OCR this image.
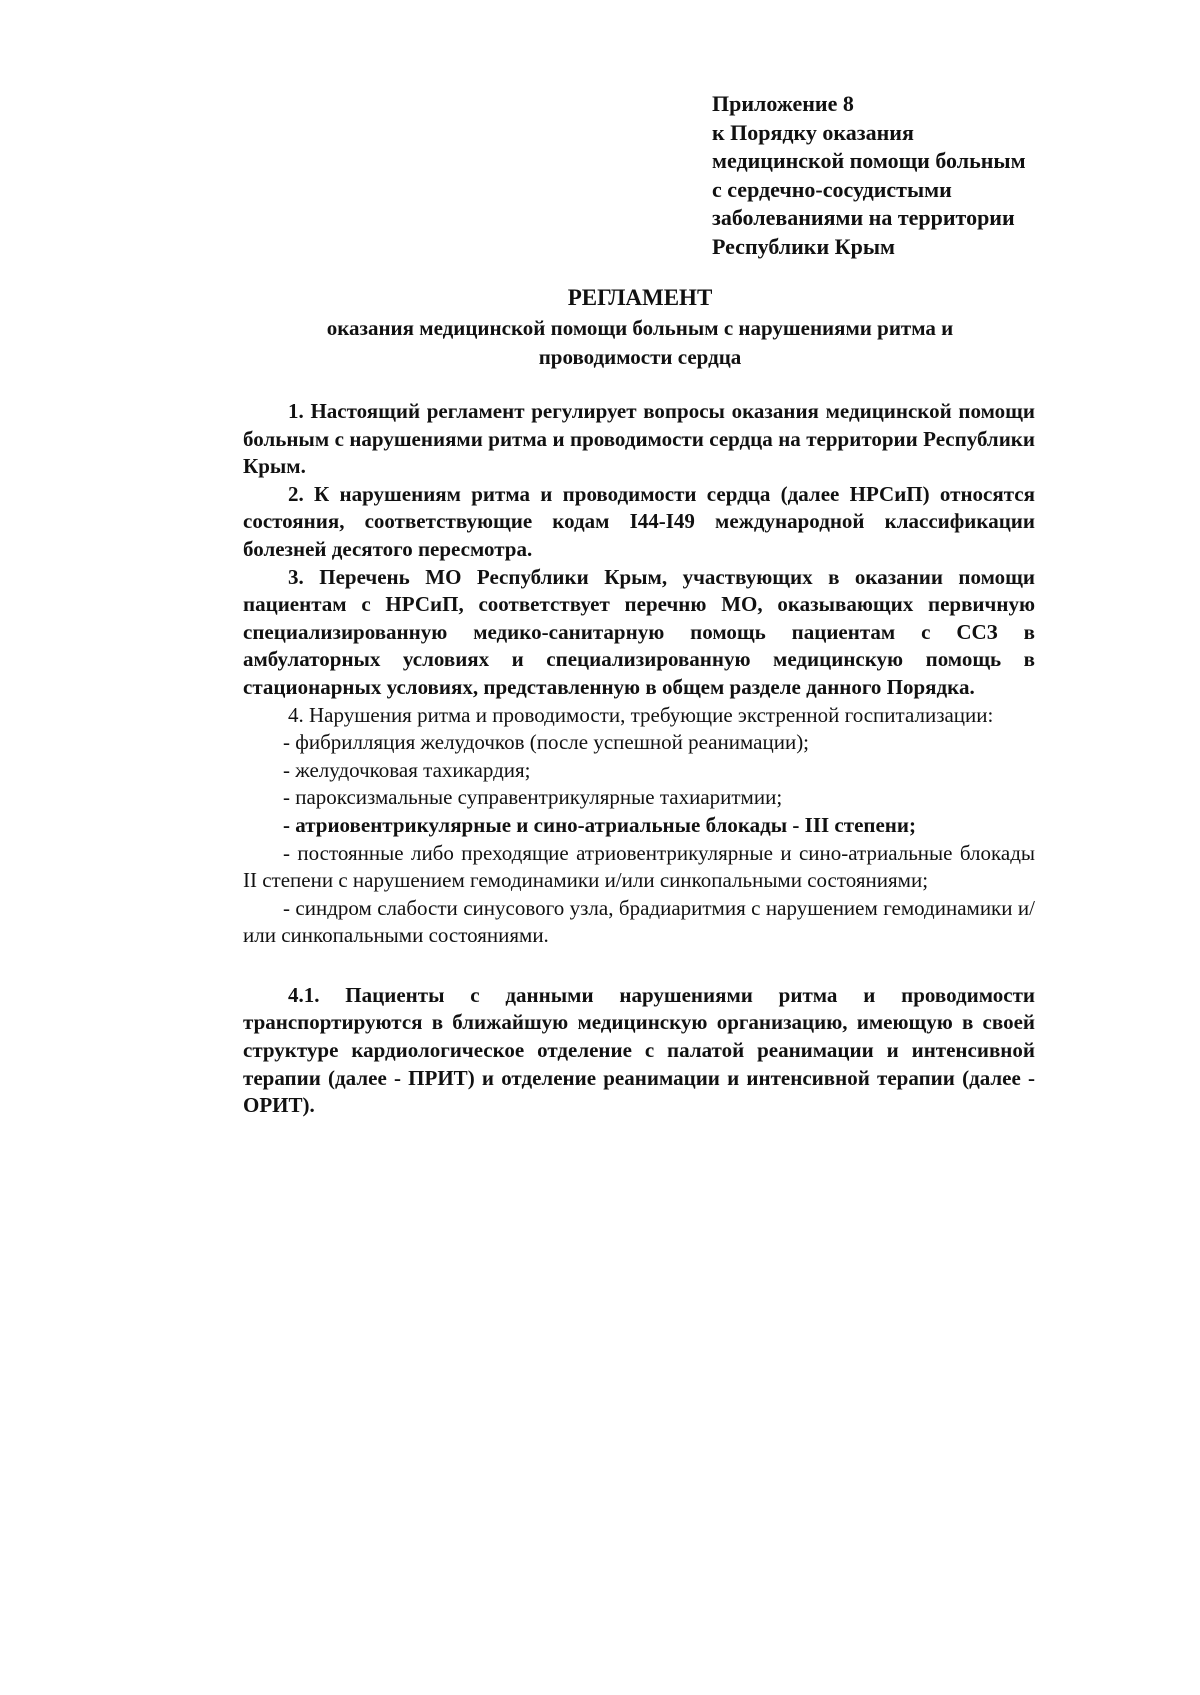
Приложение 8
к Порядку оказания
медицинской помощи больным
с сердечно-сосудистыми
заболеваниями на территории
Республики Крым
РЕГЛАМЕНТ
оказания медицинской помощи больным с нарушениями ритма и
проводимости сердца

1. Настоящий регламент регулирует вопросы оказания медицинской помощи больным с нарушениями ритма и проводимости сердца на территории Республики Крым.

2. К нарушениям ритма и проводимости сердца (далее НРСиП) относятся состояния, соответствующие кодам I44-I49 международной классификации болезней десятого пересмотра.

3. Перечень МО Республики Крым, участвующих в оказании помощи пациентам с НРСиП, соответствует перечню МО, оказывающих первичную специализированную медико-санитарную помощь пациентам с ССЗ в амбулаторных условиях и специализированную медицинскую помощь в стационарных условиях, представленную в общем разделе данного Порядка.

4. Нарушения ритма и проводимости, требующие экстренной госпитализации:

- фибрилляция желудочков (после успешной реанимации);

- желудочковая тахикардия;

- пароксизмальные суправентрикулярные тахиаритмии;

- атриовентрикулярные и сино-атриальные блокады - III степени;

- постоянные либо преходящие атриовентрикулярные и сино-атриальные блокады II степени с нарушением гемодинамики и/или синкопальными состояниями;

- синдром слабости синусового узла, брадиаритмия с нарушением гемодинамики и/или синкопальными состояниями.

4.1. Пациенты с данными нарушениями ритма и проводимости транспортируются в ближайшую медицинскую организацию, имеющую в своей структуре кардиологическое отделение с палатой реанимации и интенсивной терапии (далее - ПРИТ) и отделение реанимации и интенсивной терапии (далее - ОРИТ).
